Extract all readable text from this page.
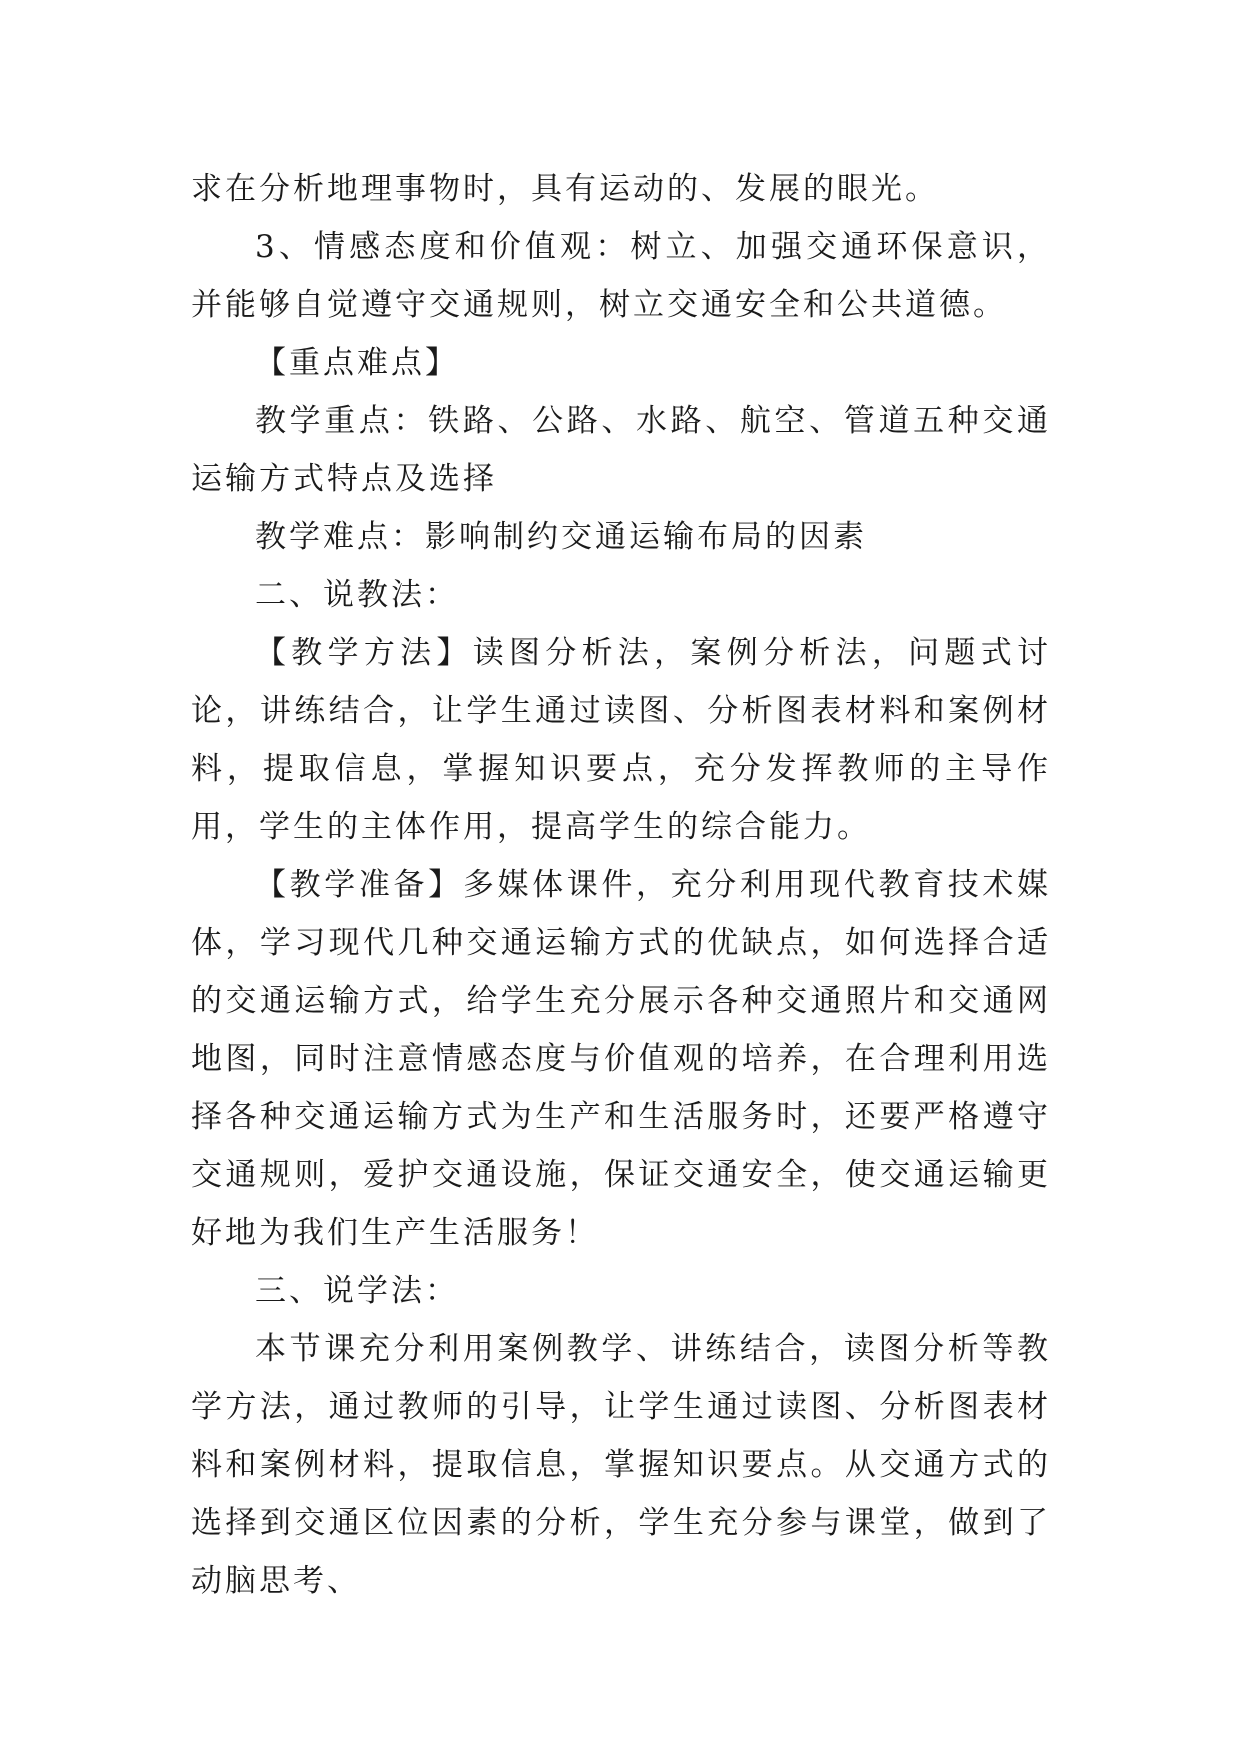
求在分析地理事物时，具有运动的、发展的眼光。

3、情感态度和价值观：树立、加强交通环保意识，并能够自觉遵守交通规则，树立交通安全和公共道德。

【重点难点】

教学重点：铁路、公路、水路、航空、管道五种交通运输方式特点及选择

教学难点：影响制约交通运输布局的因素

二、说教法：

【教学方法】读图分析法，案例分析法，问题式讨论，讲练结合，让学生通过读图、分析图表材料和案例材料，提取信息，掌握知识要点，充分发挥教师的主导作用，学生的主体作用，提高学生的综合能力。

【教学准备】多媒体课件，充分利用现代教育技术媒体，学习现代几种交通运输方式的优缺点，如何选择合适的交通运输方式，给学生充分展示各种交通照片和交通网地图，同时注意情感态度与价值观的培养，在合理利用选择各种交通运输方式为生产和生活服务时，还要严格遵守交通规则，爱护交通设施，保证交通安全，使交通运输更好地为我们生产生活服务！

三、说学法：

本节课充分利用案例教学、讲练结合，读图分析等教学方法，通过教师的引导，让学生通过读图、分析图表材料和案例材料，提取信息，掌握知识要点。从交通方式的选择到交通区位因素的分析，学生充分参与课堂，做到了动脑思考、
